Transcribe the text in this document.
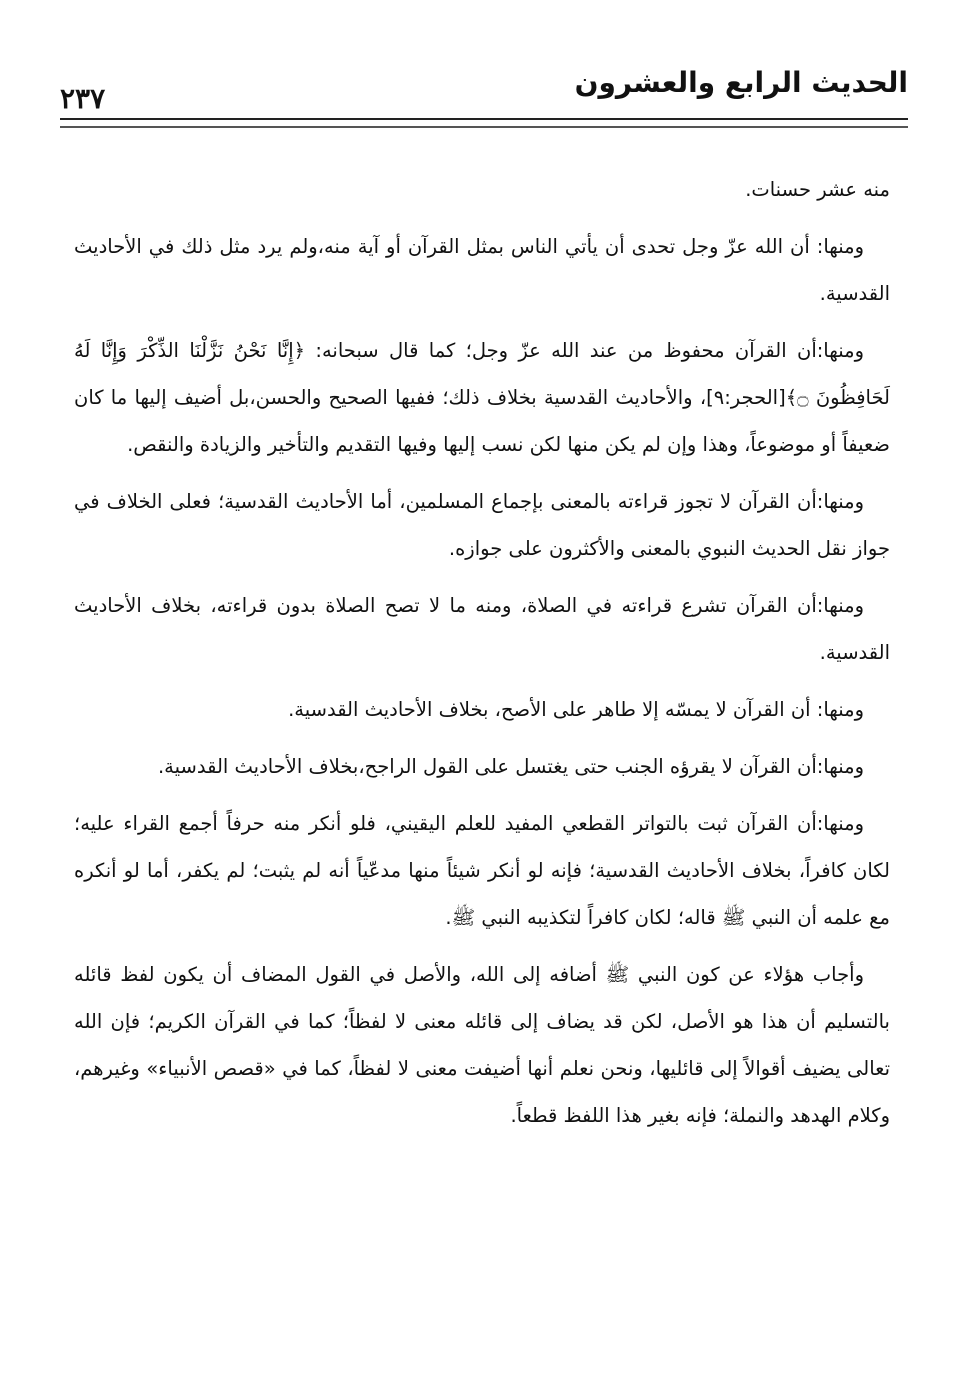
٢٣٧	الحديث الرابع والعشرون

منه عشر حسنات.

ومنها: أن الله عزّ وجل تحدى أن يأتي الناس بمثل القرآن أو آية منه،ولم يرد مثل ذلك في الأحاديث القدسية.

ومنها:أن القرآن محفوظ من عند الله عزّ وجل؛ كما قال سبحانه: ﴿إِنَّا نَحْنُ نَزَّلْنَا الذِّكْرَ وَإِنَّا لَهُ لَحَافِظُونَ ۝﴾[الحجر:٩]، والأحاديث القدسية بخلاف ذلك؛ ففيها الصحيح والحسن،بل أضيف إليها ما كان ضعيفاً أو موضوعاً، وهذا وإن لم يكن منها لكن نسب إليها وفيها التقديم والتأخير والزيادة والنقص.

ومنها:أن القرآن لا تجوز قراءته بالمعنى بإجماع المسلمين، أما الأحاديث القدسية؛ فعلى الخلاف في جواز نقل الحديث النبوي بالمعنى والأكثرون على جوازه.

ومنها:أن القرآن تشرع قراءته في الصلاة، ومنه ما لا تصح الصلاة بدون قراءته، بخلاف الأحاديث القدسية.

ومنها: أن القرآن لا يمسّه إلا طاهر على الأصح، بخلاف الأحاديث القدسية.

ومنها:أن القرآن لا يقرؤه الجنب حتى يغتسل على القول الراجح،بخلاف الأحاديث القدسية.

ومنها:أن القرآن ثبت بالتواتر القطعي المفيد للعلم اليقيني، فلو أنكر منه حرفاً أجمع القراء عليه؛ لكان كافراً، بخلاف الأحاديث القدسية؛ فإنه لو أنكر شيئاً منها مدعّياً أنه لم يثبت؛ لم يكفر، أما لو أنكره مع علمه أن النبي ﷺ قاله؛ لكان كافراً لتكذيبه النبي ﷺ.

وأجاب هؤلاء عن كون النبي ﷺ أضافه إلى الله، والأصل في القول المضاف أن يكون لفظ قائله بالتسليم أن هذا هو الأصل، لكن قد يضاف إلى قائله معنى لا لفظاً؛ كما في القرآن الكريم؛ فإن الله تعالى يضيف أقوالاً إلى قائليها، ونحن نعلم أنها أضيفت معنى لا لفظاً، كما في «قصص الأنبياء» وغيرهم، وكلام الهدهد والنملة؛ فإنه بغير هذا اللفظ قطعاً.
